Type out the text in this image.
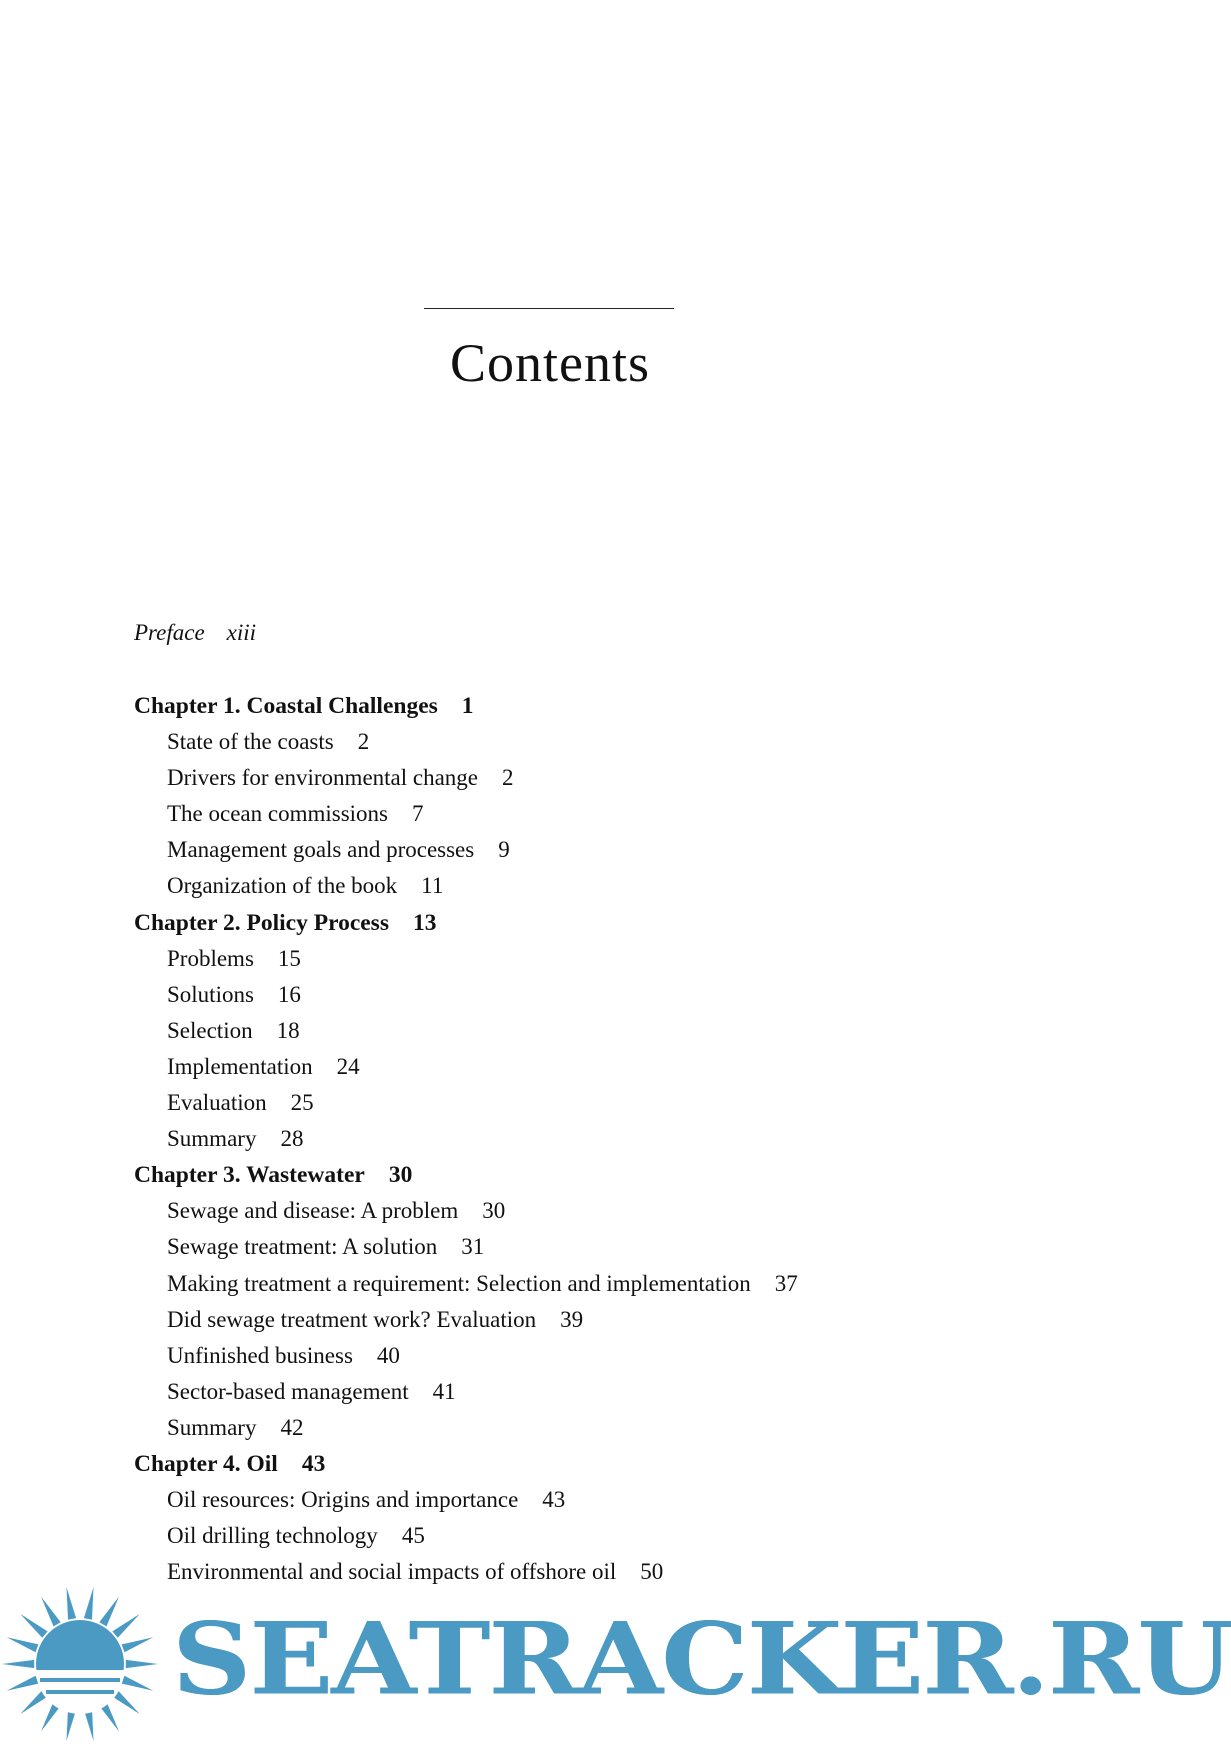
Contents
Preface xiii
Chapter 1. Coastal Challenges 1
State of the coasts 2
Drivers for environmental change 2
The ocean commissions 7
Management goals and processes 9
Organization of the book 11
Chapter 2. Policy Process 13
Problems 15
Solutions 16
Selection 18
Implementation 24
Evaluation 25
Summary 28
Chapter 3. Wastewater 30
Sewage and disease: A problem 30
Sewage treatment: A solution 31
Making treatment a requirement: Selection and implementation 37
Did sewage treatment work? Evaluation 39
Unfinished business 40
Sector-based management 41
Summary 42
Chapter 4. Oil 43
Oil resources: Origins and importance 43
Oil drilling technology 45
Environmental and social impacts of offshore oil 50
SEATRACKER.RU
